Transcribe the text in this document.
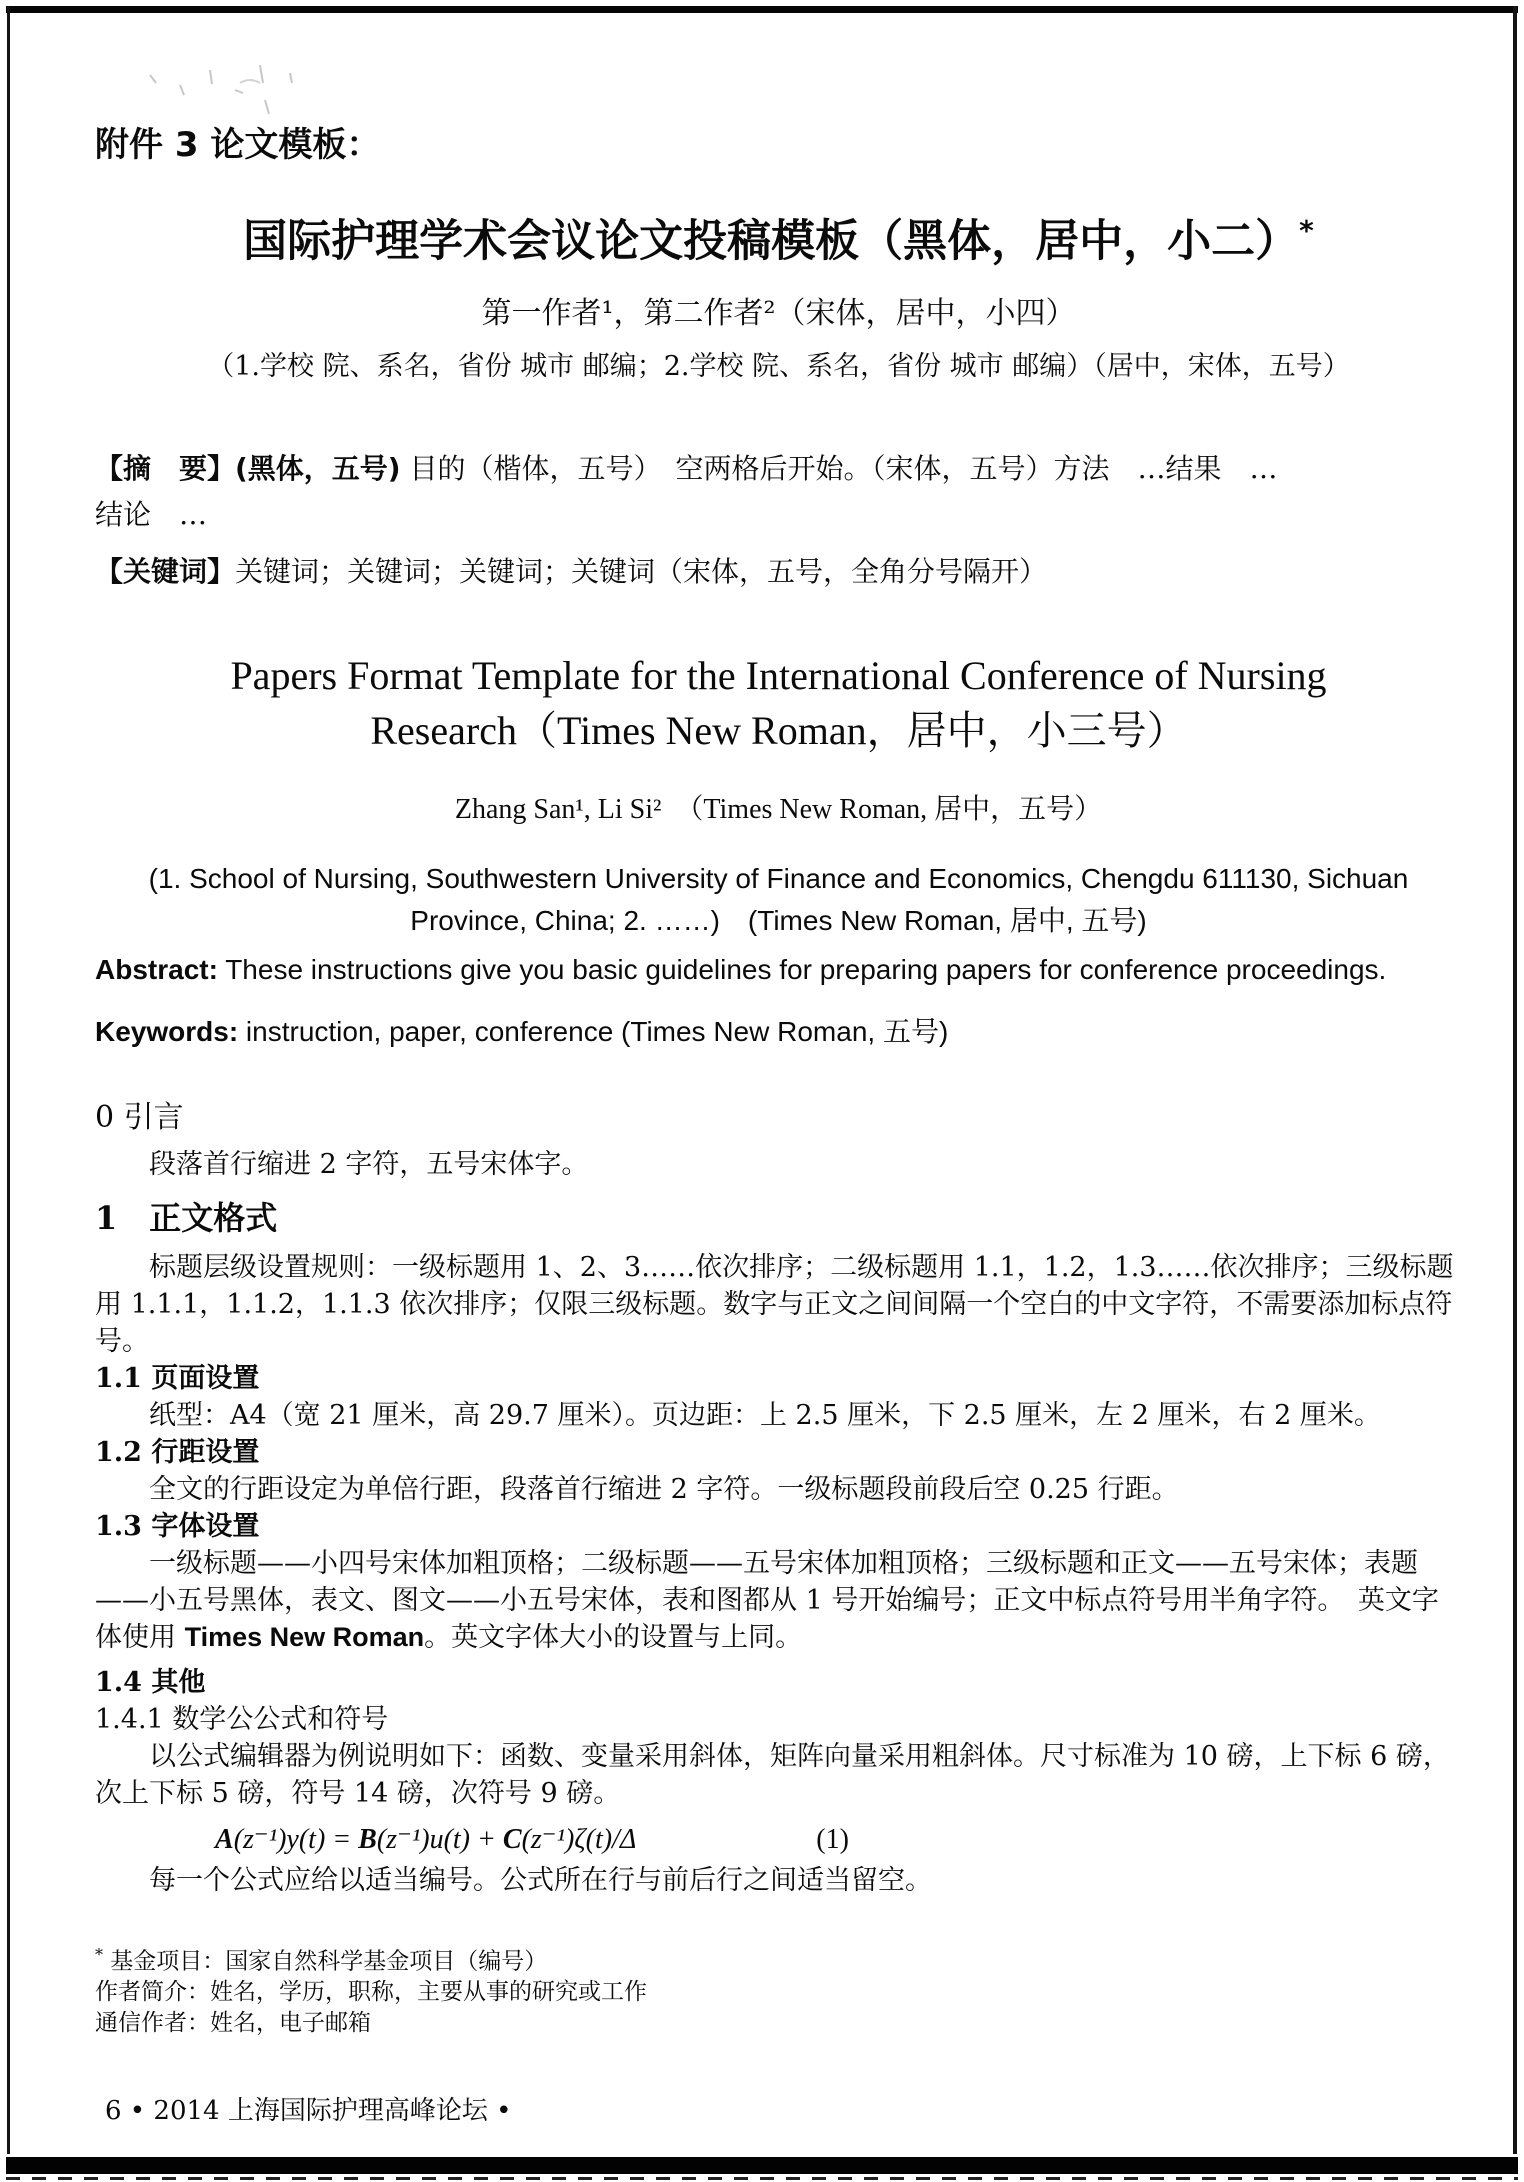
附件 3 论文模板：
国际护理学术会议论文投稿模板（黑体，居中，小二）*
第一作者¹，第二作者²（宋体，居中，小四）
（1.学校 院、系名，省份 城市 邮编；2.学校 院、系名，省份 城市 邮编）（居中，宋体，五号）

【摘　要】(黑体，五号) 目的（楷体，五号）　空两格后开始。（宋体，五号）方法　…结果　…
结论　…

【关键词】关键词；关键词；关键词；关键词（宋体，五号，全角分号隔开）

Papers Format Template for the International Conference of Nursing
Research（Times New Roman，居中，小三号）
Zhang San¹, Li Si²　（Times New Roman, 居中，五号）
(1. School of Nursing, Southwestern University of Finance and Economics, Chengdu 611130, Sichuan
Province, China; 2. ……)　(Times New Roman, 居中, 五号)

Abstract: These instructions give you basic guidelines for preparing papers for conference proceedings.

Keywords: instruction, paper, conference (Times New Roman, 五号)

0 引言

段落首行缩进 2 字符，五号宋体字。

1　正文格式

标题层级设置规则：一级标题用 1、2、3……依次排序；二级标题用 1.1，1.2，1.3……依次排序；三级标题用 1.1.1，1.1.2，1.1.3 依次排序；仅限三级标题。数字与正文之间间隔一个空白的中文字符，不需要添加标点符号。

1.1 页面设置

纸型：A4（宽 21 厘米，高 29.7 厘米）。页边距：上 2.5 厘米，下 2.5 厘米，左 2 厘米，右 2 厘米。

1.2 行距设置

全文的行距设定为单倍行距，段落首行缩进 2 字符。一级标题段前段后空 0.25 行距。

1.3 字体设置

一级标题——小四号宋体加粗顶格；二级标题——五号宋体加粗顶格；三级标题和正文——五号宋体；表题——小五号黑体，表文、图文——小五号宋体，表和图都从 1 号开始编号；正文中标点符号用半角字符。　英文字体使用 Times New Roman。英文字体大小的设置与上同。

1.4 其他
1.4.1 数学公公式和符号

以公式编辑器为例说明如下：函数、变量采用斜体，矩阵向量采用粗斜体。尺寸标准为 10 磅，上下标 6 磅，次上下标 5 磅，符号 14 磅，次符号 9 磅。

A(z⁻¹)y(t) = B(z⁻¹)u(t) + C(z⁻¹)ζ(t)/Δ	(1)

每一个公式应给以适当编号。公式所在行与前后行之间适当留空。

* 基金项目：国家自然科学基金项目（编号）

作者简介：姓名，学历，职称，主要从事的研究或工作

通信作者：姓名，电子邮箱

6 • 2014 上海国际护理高峰论坛 •
